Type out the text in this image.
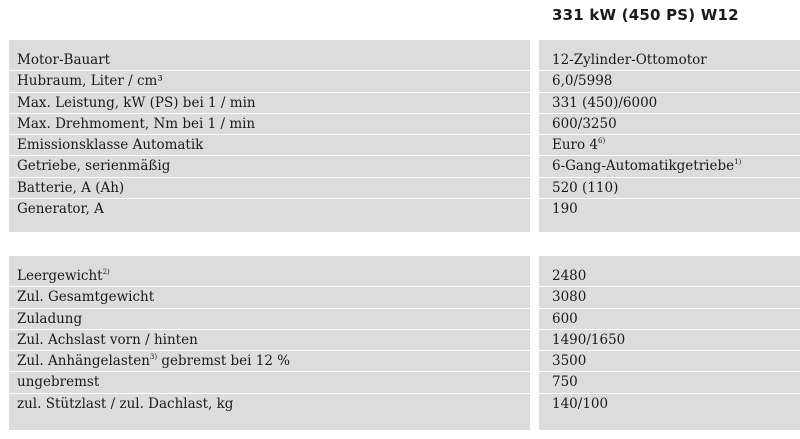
331 kW (450 PS) W12
Motor-Bauart
Hubraum, Liter / cm³
Max. Leistung, kW (PS) bei 1 / min
Max. Drehmoment, Nm bei 1 / min
Emissionsklasse Automatik
Getriebe, serienmäßig
Batterie, A (Ah)
Generator, A
12-Zylinder-Ottomotor
6,0/5998
331 (450)/6000
600/3250
Euro 4$^{6)}$
6-Gang-Automatikgetriebe$^{1)}$
520 (110)
190
Leergewicht$^{2)}$
Zul. Gesamtgewicht
Zuladung
Zul. Achslast vorn / hinten
Zul. Anhängelasten$^{3)}$ gebremst bei 12 %
ungebremst
zul. Stützlast / zul. Dachlast, kg
2480
3080
600
1490/1650
3500
750
140/100
